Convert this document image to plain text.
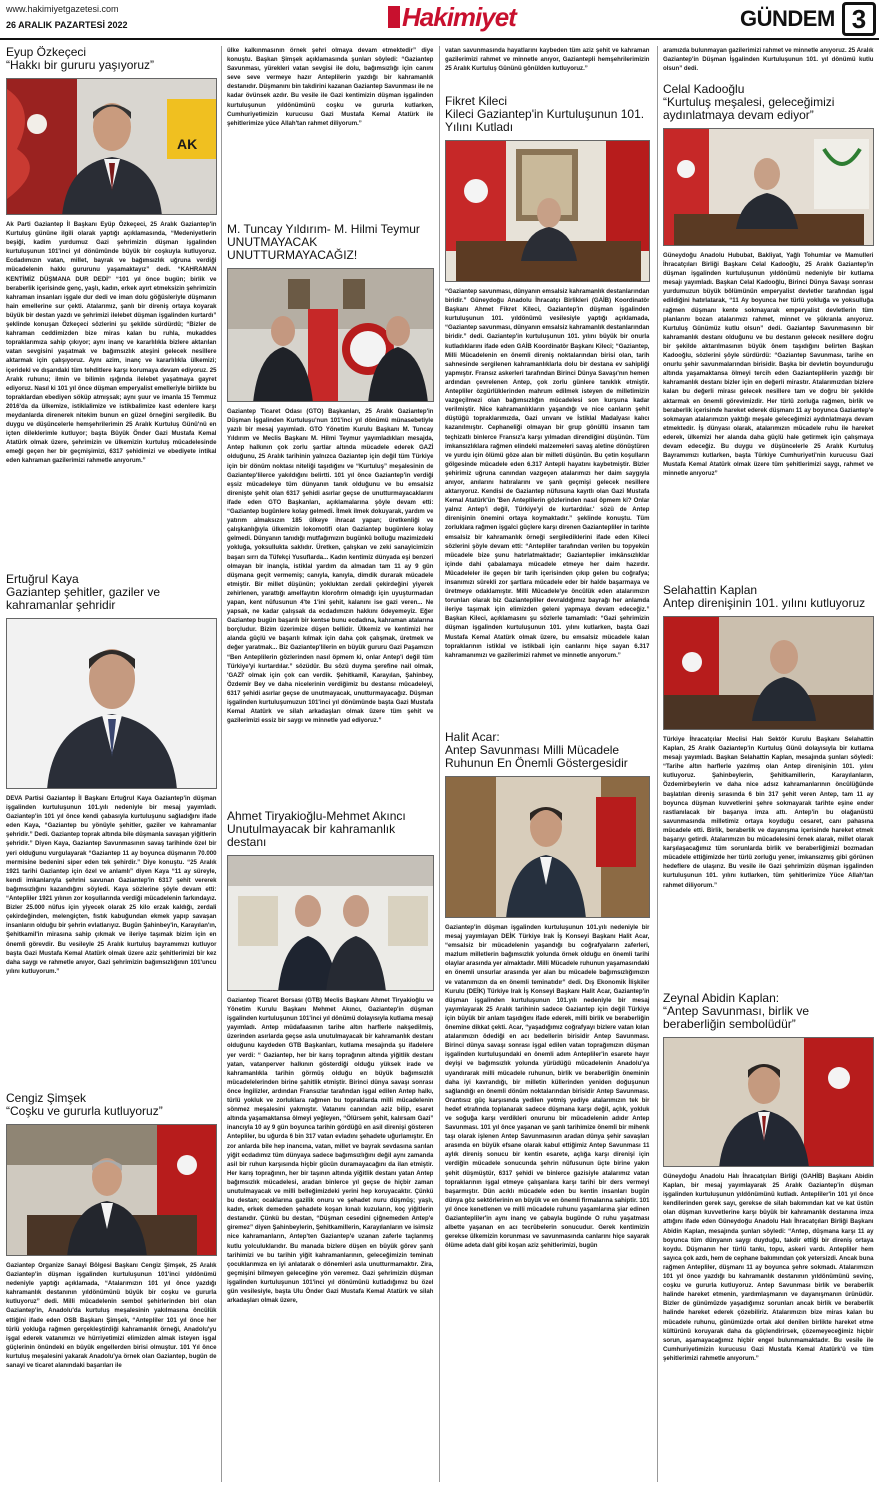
www.hakimiyetgazetesi.com
26 ARALIK PAZARTESİ 2022	Hakimiyet	GÜNDEM 3
Eyup Özkeçeci
“Hakkı bir gururu yaşıyoruz”
AK
Ak Parti Gaziantep İl Başkanı Eyüp Özkeçeci, 25 Aralık Gaziantep'in Kurtuluş gününe ilgili olarak yaptığı açıklamasında, “Medeniyetlerin beşiği, kadim yurdumuz Gazi şehrimizin düşman işgalinden kurtuluşunun 101'inci yıl dönümünde büyük bir coşkuyla kutluyoruz. Ecdadımızın vatan, millet, bayrak ve bağımsızlık uğruna verdiği mücadelenin hakkı gururunu yaşamaktayız” dedi. “KAHRAMAN KENTİMİZ DÜŞMANA DUR DEDİ” “101 yıl önce bugün; birlik ve beraberlik içerisinde genç, yaşlı, kadın, erkek ayırt etmeksizin şehrimizin kahraman insanları işgale dur dedi ve iman dolu göğüsleriyle düşmanın hain emellerine sur çekti. Atalarımız, şanlı bir direniş ortaya koyarak büyük bir destan yazdı ve şehrimizi ilelebet düşman işgalinden kurtardı” şeklinde konuşan Özkeçeci sözlerini şu şekilde sürdürdü; “Bizler de kahraman ceddimizden bize miras kalan bu ruhla, mukaddes topraklarımıza sahip çıkıyor; aynı inanç ve kararlılıkla bizlere aktarılan vatan sevgisini yaşatmak ve bağımsızlık ateşini gelecek nesillere aktarmak için çalışıyoruz. Aynı azim, inanç ve kararlılıkla ülkemizi; içerideki ve dışarıdaki tüm tehditlere karşı korumaya devam ediyoruz. 25 Aralık ruhunu; ilmin ve bilimin ışığında ilelebet yaşatmaya gayret ediyoruz. Nasıl ki 101 yıl önce düşman emperyalist emelleriyle birlikte bu topraklardan ebediyen söküp atmışsak; aynı şuur ve imanla 15 Temmuz 2016'da da ülkemize, istiklalimize ve istikbalimize kast edenlere karşı meydanlarda direnerek nitekim bunun en güzel örneğini sergiledik. Bu duygu ve düşüncelerle hemşehrilerimin 25 Aralık Kurtuluş Günü'nü en içten dileklerimle kutluyor; başta Büyük Önder Gazi Mustafa Kemal Atatürk olmak üzere, şehrimizin ve ülkemizin kurtuluş mücadelesinde emeği geçen her bir geçmişimizi, 6317 şehidimizi ve ebediyete intikal eden kahraman gazilerimizi rahmetle anıyorum.”
Ertuğrul Kaya
Gaziantep şehitler, gaziler ve kahramanlar şehridir
DEVA Partisi Gaziantep İl Başkanı Ertuğrul Kaya Gaziantep'in düşman işgalinden kurtuluşunun 101.yılı nedeniyle bir mesaj yayımladı. Gaziantep'in 101 yıl önce kendi çabasıyla kurtuluşunu sağladığını ifade eden Kaya, “Gaziantep bu yönüyle şehitler, gaziler ve kahramanlar şehridir.” Dedi. Gaziantep toprak altında bile düşmanla savaşan yiğitlerin şehridir.” Diyen Kaya, Gaziantep Savunmasının savaş tarihinde özel bir yeri olduğunu vurgulayarak “Gaziantep 11 ay boyunca düşmanın 70.000 mermisine bedenini siper eden tek şehirdir.” Diye konuştu. “25 Aralık 1921 tarihi Gaziantep için özel ve anlamlı” diyen Kaya “11 ay süreyle, kendi imkanlarıyla şehrini savunan Gaziantep'in 6317 şehit vererek bağımsızlığını kazandığını söyledi. Kaya sözlerine şöyle devam etti: “Antepliler 1921 yılının zor koşullarında verdiği mücadelenin farkındayız. Bizler 25.000 nüfus için yiyecek olarak 25 kilo erzak kaldığı, zerdali çekirdeğinden, melengiçten, fıstık kabuğundan ekmek yapıp savaşan insanların olduğu bir şehrin evlatlarıyız. Bugün Şahinbey'in, Karayılan'ın, Şehitkamil'in mirasına sahip çıkmak ve ileriye taşımak bizim için en önemli görevdir. Bu vesileyle 25 Aralık kurtuluş bayramımızı kutluyor başta Gazi Mustafa Kemal Atatürk olmak üzere aziz şehitlerimizi bir kez daha saygı ve rahmetle anıyor, Gazi şehrimizin bağımsızlığının 101'uncu yılını kutluyorum.”
Cengiz Şimşek
“Coşku ve gururla kutluyoruz”
Gaziantep Organize Sanayi Bölgesi Başkanı Cengiz Şimşek, 25 Aralık Gaziantep'in düşman işgalinden kurtuluşunun 101'inci yıldönümü nedeniyle yaptığı açıklamada, “Atalarımızın 101 yıl önce yazdığı kahramanlık destanının yıldönümünü büyük bir coşku ve gururla kutluyoruz” dedi. Milli mücadelenin sembol şehirlerinden biri olan Gaziantep'in, Anadolu'da kurtuluş meşalesinin yakılmasına öncülük ettiğini ifade eden OSB Başkanı Şimşek, “Antepliler 101 yıl önce her türlü yokluğa rağmen gerçekleştirdiği kahramanlık örneği, Anadolu'yu işgal ederek vatanımızı ve hürriyetimizi elimizden almak isteyen işgal güçlerinin önündeki en büyük engellerden birisi olmuştur. 101 Yıl önce kurtuluş meşalesini yakarak Anadolu'ya örnek olan Gaziantep, bugün de sanayi ve ticaret alanındaki başarıları ile
ülke kalkınmasının örnek şehri olmaya devam etmektedir” diye konuştu. Başkan Şimşek açıklamasında şunları söyledi: “Gaziantep Savunması, yürekleri vatan sevgisi ile dolu, bağımsızlığı için canını seve seve vermeye hazır Anteplilerin yazdığı bir kahramanlık destanıdır. Düşmanını bin takdirini kazanan Gaziantep Savunması ile ne kadar övünsek azdır. Bu vesile ile Gazi kentimizin düşman işgalinden kurtuluşunun yıldönümünü coşku ve gururla kutlarken, Cumhuriyetimizin kurucusu Gazi Mustafa Kemal Atatürk ile şehitlerimize yüce Allah'tan rahmet diliyorum.”
M. Tuncay Yıldırım- M. Hilmi Teymur
UNUTMAYACAK UNUTTURMAYACAĞIZ!
Gaziantep Ticaret Odası (GTO) Başkanları, 25 Aralık Gaziantep'in Düşman İşgalinden Kurtuluşu'nun 101'inci yıl dönümü münasebetiyle yazılı bir mesaj yayımladı. GTO Yönetim Kurulu Başkanı M. Tuncay Yıldırım ve Meclis Başkanı M. Hilmi Teymur yayımladıkları mesajda, Antep halkının çok zorlu şartlar altında mücadele ederek GAZİ olduğunu, 25 Aralık tarihinin yalnızca Gaziantep için değil tüm Türkiye için bir dönüm noktası niteliği taşıdığını ve “Kurtuluş” meşalesinin de Gaziantep'lilerce yakıldığını belirtti. 101 yıl önce Gaziantep'in verdiği eşsiz mücadeleye tüm dünyanın tanık olduğunu ve bu emsalsiz direnişte şehit olan 6317 şehidi asırlar geçse de unutturmayacaklarını ifade eden GTO Başkanları, açıklamalarına şöyle devam etti: “Gaziantep bugünlere kolay gelmedi. İlmek ilmek dokuyarak, yardım ve yatırım almaksızın 185 ülkeye ihracat yapan; üretkenliği ve çalışkanlığıyla ülkemizin lokomotifi olan Gaziantep bugünlere kolay gelmedi. Dünyanın tanıdığı mutfağımızın bugünkü bolluğu mazimizdeki yokluğa, yoksullukta saklıdır. Üretken, çalışkan ve zeki sanayicimizin başarı sırrı da Tüfekçi Yusuflarda... Kadın kentimiz dünyada eşi benzeri olmayan bir inançla, istiklal yardım da almadan tam 11 ay 9 gün düşmana geçit vermemiş; canıyla, kanıyla, dimdik durarak mücadele etmiştir. Bir millet düşünün; yokluktan zerdali çekirdeğini yiyerek zehirlenen, yarattığı amelfayıtın klorofırm olmadığı için uyuşturmadan yapan, kent nüfusunun 4'te 1'ini şehit, kalanını ise gazi veren... Ne yapsak, ne kadar çalışsak da ecdadımızın hakkını ödeyemeyiz. Eğer Gaziantep bugün başarılı bir kentse bunu ecdadına, kahraman atalarına borçludur. Bizim üzerimize düşen bellidir. Ülkemiz ve kentimizi her alanda güçlü ve başarılı kılmak için daha çok çalışmak, üretmek ve değer yaratmak... Biz Gaziantep'lilerin en büyük gururu Gazi Paşamızın “Ben Anteplilerin gözlerinden nasıl öpmem ki, onlar Antep'i değil tüm Türkiye'yi kurtardılar.” sözüdür. Bu sözü duyma şerefine nail olmak, 'GAZİ' olmak için çok can verdik. Şehitkamil, Karayılan, Şahinbey, Özdemir Bey ve daha nicelerinin verdiğimiz bu destansı mücadeleyi, 6317 şehidi asırlar geçse de unutmayacak, unutturmayacağız. Düşman işgalinden kurtuluşumuzun 101'inci yıl dönümünde başta Gazi Mustafa Kemal Atatürk ve silah arkadaşları olmak üzere tüm şehit ve gazilerimizi essiz bir saygı ve minnetle yad ediyoruz.”
Ahmet Tiryakioğlu-Mehmet Akıncı
Unutulmayacak bir kahramanlık destanı
Gaziantep Ticaret Borsası (GTB) Meclis Başkanı Ahmet Tiryakioğlu ve Yönetim Kurulu Başkanı Mehmet Akıncı, Gaziantep'in düşman işgalinden kurtuluşunun 101'inci yıl dönümü dolayısıyla kutlama mesajı yayımladı. Antep müdafaasının tarihe altın harflerle nakşedilmiş, üzerinden asırlarda geçse asla unutulmayacak bir kahramanlık destanı olduğunu kaydeden GTB Başkanları, kutlama mesajında şu ifadelere yer verdi: “ Gaziantep, her bir karış toprağının altında yiğitlik destanı yatan, vatanperver halkının gösterdiği olduğu yüksek irade ve kahramanlıkla tarihin görmüş olduğu en büyük bağımsızlık mücadelelerinden birine şahitlik etmiştir. Birinci dünya savaşı sonrası önce İngilizler, ardından Fransızlar tarafından işgal edilen Antep halkı, türlü yokluk ve zorluklara rağmen bu topraklarda milli mücadelenin sönmez meşalesini yakmıştır. Vatanını canından aziz bilip, esaret altında yaşamaktansa ölmeyi yeğleyen, “Ölürsem şehit, kalırsam Gazi” inancıyla 10 ay 9 gün boyunca tarihin gördüğü en asil direnişi gösteren Antepliler, bu uğurda 6 bin 317 vatan evladını şehadete uğurlamıştır. En zor anlarda bile hep inancına, vatan, millet ve bayrak sevdasına sarılan yiğit ecdadımız tüm dünyaya sadece bağımsızlığını değil aynı zamanda asil bir ruhun karşısında hiçbir gücün duramayacağını da ilan etmiştir. Her karış toprağının, her bir taşının altında yiğitlik destanı yatan Antep bağımsızlık mücadelesi, aradan binlerce yıl geçse de hiçbir zaman unutulmayacak ve milli belleğimizdeki yerini hep koruyacaktır. Çünkü bu destan; ocaklarına gazilik onuru ve şehadet nuru düşmüş; yaşlı, kadın, erkek demeden şehadete koşan kınalı kuzuların, koç yiğitlerin destanıdır. Çünkü bu destan, “Düşman cesedini çiğnemeden Antep'e giremez” diyen Şahinbeylerin, Şehitkamillerin, Karayılanların ve isimsiz nice kahramanların, Antep'ten Gaziantep'e uzanan zaferle taçlanmış kutlu yolculuklarıdır. Bu manada bizlere düşen en büyük görev şanlı tarihimizi ve bu tarihin yiğit kahramanlarının, geleceğimizin teminatı çocuklarımıza en iyi anlatarak o dönemleri asla unutturmamaktır. Zira, geçmişini bilmeyen geleceğine yön veremez. Gazi şehrimizin düşman işgalinden kurtuluşunun 101'inci yıl dönümünü kutladığımız bu özel gün vesilesiyle, başta Ulu Önder Gazi Mustafa Kemal Atatürk ve silah arkadaşları olmak üzere,
vatan savunmasında hayatlarını kaybeden tüm aziz şehit ve kahraman gazilerimizi rahmet ve minnetle anıyor, Gaziantepli hemşehrilerimizin 25 Aralık Kurtuluş Gününü gönülden kutluyoruz.”
Fikret Kileci
Kileci Gaziantep'in Kurtuluşunun 101. Yılını Kutladı
“Gaziantep savunması, dünyanın emsalsiz kahramanlık destanlarından biridir.” Güneydoğu Anadolu İhracatçı Birlikleri (GAİB) Koordinatör Başkanı Ahmet Fikret Kileci, Gaziantep'in düşman işgalinden kurtuluşunun 101. yıldönümü vesilesiyle yaptığı açıklamada, “Gaziantep savunması, dünyanın emsalsiz kahramanlık destanlarından biridir.” dedi. Gaziantep'in kurtuluşunun 101. yılını büyük bir onurla kutladıklarını ifade eden GAİB Koordinatör Başkanı Kileci; “Gaziantep, Milli Mücadelenin en önemli direniş noktalarından birisi olan, tarih sahnesinde sergilenen kahramanlıklarla dolu bir destana ev sahipliği yapmıştır. Fransız askerleri tarafından Birinci Dünya Savaşı'nın hemen ardından çevrelenen Antep, çok zorlu günlere tanıklık etmiştir. Antepliler özgürlüklerinden mahrum edilmek isteyen de milletimizin vazgeçilmezi olan bağımsızlığın mücadelesi son kurşuna kadar verilmiştir. Nice kahramanlıkların yaşandığı ve nice canların şehit düştüğü topraklarımızda, Gazi unvanı ve İstiklal Madalyası kalıcı kazanılmıştır. Cephaneliği olmayan bir grup gönüllü insanın tam teçhizatlı binlerce Fransız'a karşı yılmadan direndiğini düşünün. Tüm imkansızlıklara rağmen elindeki malzemeleri savaş aletine dönüştüren ve yurdu için ölümü göze alan bir milleti düşünün. Bu çetin koşulların gölgesinde mücadele eden 6.317 Antepli hayatını kaybetmiştir. Bizler şehirimiz uğruna canından vazgeçen atalarımızı her daim saygıyla anıyor, anılarını hatıralarını ve şanlı geçmişi gelecek nesillere aktarıyoruz. Kendisi de Gaziantep nüfusuna kayıtlı olan Gazi Mustafa Kemal Atatürk'ün 'Ben Anteplilerin gözlerinden nasıl öpmem ki? Onlar yalnız Antep'i değil, Türkiye'yi de kurtardılar.' sözü de Antep direnişinin önemini ortaya koymaktadır.” şeklinde konuştu. Tüm zorluklara rağmen işgalci güçlere karşı direnen Gaziantepliler in tarihte emsalsiz bir kahramanlık örneği sergilediklerini ifade eden Kileci sözlerini şöyle devam etti: “Antepliler tarafından verilen bu topyekûn mücadele bize şunu hatırlatmaktadır; Gazianteplier imkânsızlıklar içinde dahi çabalamaya mücadele etmeye her daim hazırdır. Mücadeleler ile geçen bir tarih içerisinden çıkıp gelen bu coğrafya; insanımızı sürekli zor şartlara mücadele eder bir halde başarmaya ve üretmeye odaklamıştır. Milli Mücadele'ye öncülük eden atalarımızın torunları olarak biz Gaziantepliler devraldığımız bayrağı her anlamda ileriye taşımak için elimizden geleni yapmaya devam edeceğiz.” Başkan Kileci, açıklamasını şu sözlerle tamamladı: “Gazi şehrimizin düşman işgalinden kurtuluşunun 101. yılını kutlarken, başta Gazi Mustafa Kemal Atatürk olmak üzere, bu emsalsiz mücadele kalan topraklarının istiklal ve istikbali için canlarını hiçe sayan 6.317 kahramanımızı ve gazilerimizi rahmet ve minnetle anıyorum.”
Halit Acar:
Antep Savunması Milli Mücadele Ruhunun En Önemli Göstergesidir
Gaziantep'in düşman işgalinden kurtuluşunun 101.yılı nedeniyle bir mesaj yayımlayan DEİK Türkiye Irak İş Konseyi Başkanı Halit Acar, “emsalsiz bir mücadelenin yaşandığı bu coğrafyaların zaferleri, mazlum milletlerin bağımsızlık yolunda örnek olduğu en önemli tarihi olaylar arasında yer almaktadır. Milli Mücadele ruhunun yaşamasındaki en önemli unsurlar arasında yer alan bu mücadele bağımsızlığımızın ve vatanımızın da en önemli teminatıdır” dedi. Dış Ekonomik İlişkiler Kurulu (DEİK) Türkiye Irak İş Konseyi Başkanı Halit Acar, Gaziantep'in düşman işgalinden kurtuluşunun 101.yılı nedeniyle bir mesaj yayımlayarak 25 Aralık tarihinin sadece Gaziantep için değil Türkiye için büyük bir anlam taşıdığını ifade ederek, milli birlik ve beraberliğin önemine dikkat çekti. Acar, “yaşadığımız coğrafyayı bizlere vatan kılan atalarımızın ödediği en acı bedellerin birisidir Antep Savunması. Birinci dünya savaşı sonrası işgal edilen vatan toprağımızın düşman işgalinden kurtuluşundaki en önemli adım Antepliler'in esarete hayır deyişi ve bağımsızlık yolunda yürüdüğü mücadelenin Anadolu'ya uyandırarak milli mücadele ruhunun, birlik ve beraberliğin öneminin daha iyi kavrandığı, bir milletin küllerinden yeniden doğuşunun sağlandığı en önemli dönüm noktalarından birisidir Antep Savunması. Orantısız güç karşısında yedilen yetmiş yediye atalarımızın tek bir hedef etrafında toplanarak sadece düşmana karşı değil, açlık, yokluk ve soğuğa karşı verdikleri onurunu bir mücadelenin adıdır Antep Savunması. 101 yıl önce yaşanan ve şanlı tarihimize önemli bir mihenk taşı olarak işlenen Antep Savunmasının aradan dünya şehir savaşları arasında en büyük efsane olarak kabul ettiğimiz Antep Savunması 11 aylık direniş sonucu bir kentin esarete, açlığa karşı direnişi için verdiğin mücadele sonucunda şehrin nüfusunun üçte birine yakın şehit düşmüştür, 6317 şehidi ve binlerce gazisiyle atalarımız vatan topraklarının işgal etmeye çalışanlara karşı tarihi bir ders vermeyi başarmıştır. Dün acıklı mücadele eden bu kentin insanları bugün dünya göz sektörlerinin en büyük ve en önemli firmalarına sahiptir. 101 yıl önce kenetlenen ve milli mücadele ruhunu yaşamlarına şiar edinen Gaziantepliler'in aynı inanç ve çabayla bugünde O ruhu yaşatması albette yaşanan en acı tecrübelerin sonucudur. Gerek kentimizin gerekse ülkemizin korunması ve savunmasında canlarını hiçe sayarak ölüme adeta dalıl gibi koşan aziz şehitlerimizi, bugün
aramızda bulunmayan gazilerimizi rahmet ve minnetle anıyoruz. 25 Aralık Gaziantep'in Düşman İşgalinden Kurtuluşunun 101. yıl dönümü kutlu olsun” dedi.
Celal Kadooğlu
“Kurtuluş meşalesi, geleceğimizi aydınlatmaya devam ediyor”
Güneydoğu Anadolu Hububat, Bakliyat, Yağlı Tohumlar ve Mamulleri İhracatçıları Birliği Başkanı Celal Kadooğlu, 25 Aralık Gaziantep'in düşman işgalinden kurtuluşunun yıldönümü nedeniyle bir kutlama mesajı yayımladı. Başkan Celal Kadooğlu, Birinci Dünya Savaşı sonrası yurdumuzun büyük bölümünün emperyalist devletler tarafından işgal edildiğini hatırlatarak, “11 Ay boyunca her türlü yokluğa ve yoksulluğa rağmen düşmanı kente sokmayarak emperyalist devletlerin tüm planlarını bozan atalarımızı rahmet, minnet ve şükranla anıyoruz. Kurtuluş Günümüz kutlu olsun” dedi. Gaziantep Savunmasının bir kahramanlık destanı olduğunu ve bu destanın gelecek nesillere doğru bir şekilde aktarılmasının büyük önem taşıdığını belirten Başkan Kadooğlu, sözlerini şöyle sürdürdü: “Gaziantep Savunması, tarihe en onurlu şehir savunmalarından birisidir. Başka bir devletin boyunduruğu altında yaşamaktansa ölmeyi tercih eden Gazianteplilerin yazdığı bir kahramanlık destanı bizler için en değerli mirastır. Atalarımızdan bizlere kalan bu değerli mirası gelecek nesillere tam ve doğru bir şekilde aktarmak en önemli görevimizdir. Her türlü zorluğa rağmen, birlik ve beraberlik içerisinde hareket ederek düşmanı 11 ay boyunca Gaziantep'e sokmayan atalarımızın yaktığı meşale geleceğimizi aydınlatmaya devam etmektedir. İş dünyası olarak, atalarımızın mücadele ruhu ile hareket ederek, ülkemizi her alanda daha güçlü hale getirmek için çalışmaya devam edeceğiz. Bu duygu ve düşüncelerle 25 Aralık Kurtuluş Bayramımızı kutlarken, başta Türkiye Cumhuriyeti'nin kurucusu Gazi Mustafa Kemal Atatürk olmak üzere tüm şehitlerimizi saygı, rahmet ve minnetle anıyoruz”
Selahattin Kaplan
Antep direnişinin 101. yılını kutluyoruz
Türkiye İhracatçılar Meclisi Halı Sektör Kurulu Başkanı Selahattin Kaplan, 25 Aralık Gaziantep'in Kurtuluş Günü dolayısıyla bir kutlama mesajı yayımladı. Başkan Selahattin Kaplan, mesajında şunları söyledi: “Tarihe altın harflerle yazılmış olan Antep direnişinin 101. yılını kutluyoruz. Şahinbeylerin, Şehitkamillerin, Karayılanların, Özdemirbeylerin ve daha nice adsız kahramanlarının öncülüğünde başlatılan direniş sırasında 6 bin 317 şehit veren Antep, tam 11 ay boyunca düşman kuvvetlerini şehre sokmayarak tarihte eşine ender rastlanılacak bir başarıya imza attı. Antep'in bu olağanüstü savunmasında milletimiz ortaya koyduğu cesaret, canı pahasına mücadele etti. Birlik, beraberlik ve dayanışma içerisinde hareket etmek başarıyı getirdi. Atalarımızın bu mücadelesini örnek alarak, millet olarak karşılaşacağımız tüm sorunlarda birlik ve beraberliğimizi bozmadan mücadele ettiğimizde her türlü zorluğu yener, imkansızmış gibi görünen hedeflere de ulaşırız. Bu vesile ile Gazi şehrimizin düşman işgalinden kurtuluşunun 101. yılını kutlarken, tüm şehitlerimize Yüce Allah'tan rahmet diliyorum.”
Zeynal Abidin Kaplan:
“Antep Savunması, birlik ve beraberliğin sembolüdür”
Güneydoğu Anadolu Halı İhracatçıları Birliği (GAHİB) Başkanı Abidin Kaplan, bir mesaj yayımlayarak 25 Aralık Gaziantep'in düşman işgalinden kurtuluşunun yıldönümünü kutladı. Antepliler'in 101 yıl önce kendilerinden gerek sayı, gerekse de silah bakımından kat ve kat üstün olan düşman kuvvetlerine karşı büyük bir kahramanlık destanına imza attığını ifade eden Güneydoğu Anadolu Halı İhracatçıları Birliği Başkanı Abidin Kaplan, mesajında şunları söyledi: “Antep, düşmana karşı 11 ay boyunca tüm dünyanın saygı duyduğu, takdir ettiği bir direniş ortaya koydu. Düşmanın her türlü tankı, topu, askeri vardı. Antepliler hem sayıca çok azdı, hem de cephane bakımından çok yetersizdi. Ancak buna rağmen Antepliler, düşmanı 11 ay boyunca şehre sokmadı. Atalarımızın 101 yıl önce yazdığı bu kahramanlık destanının yıldönümünü sevinç, coşku ve gururla kutluyoruz. Antep Savunması birlik ve beraberlik halinde hareket etmenin, yardımlaşmanın ve dayanışmanın ürünüdür. Bizler de günümüzde yaşadığımız sorunları ancak birlik ve beraberlik halinde hareket ederek çözebiliriz. Atalarımızın bize miras kalan bu mücadele ruhunu, günümüzde ortak akıl denilen birlikte hareket etme kültürünü koruyarak daha da güçlendirirsek, çözemeyeceğimiz hiçbir sorun, aşamayacağımız hiçbir engel bulunmamaktadır. Bu vesile ile Cumhuriyetimizin kurucusu Gazi Mustafa Kemal Atatürk'ü ve tüm şehitlerimizi rahmetle anıyorum.”
